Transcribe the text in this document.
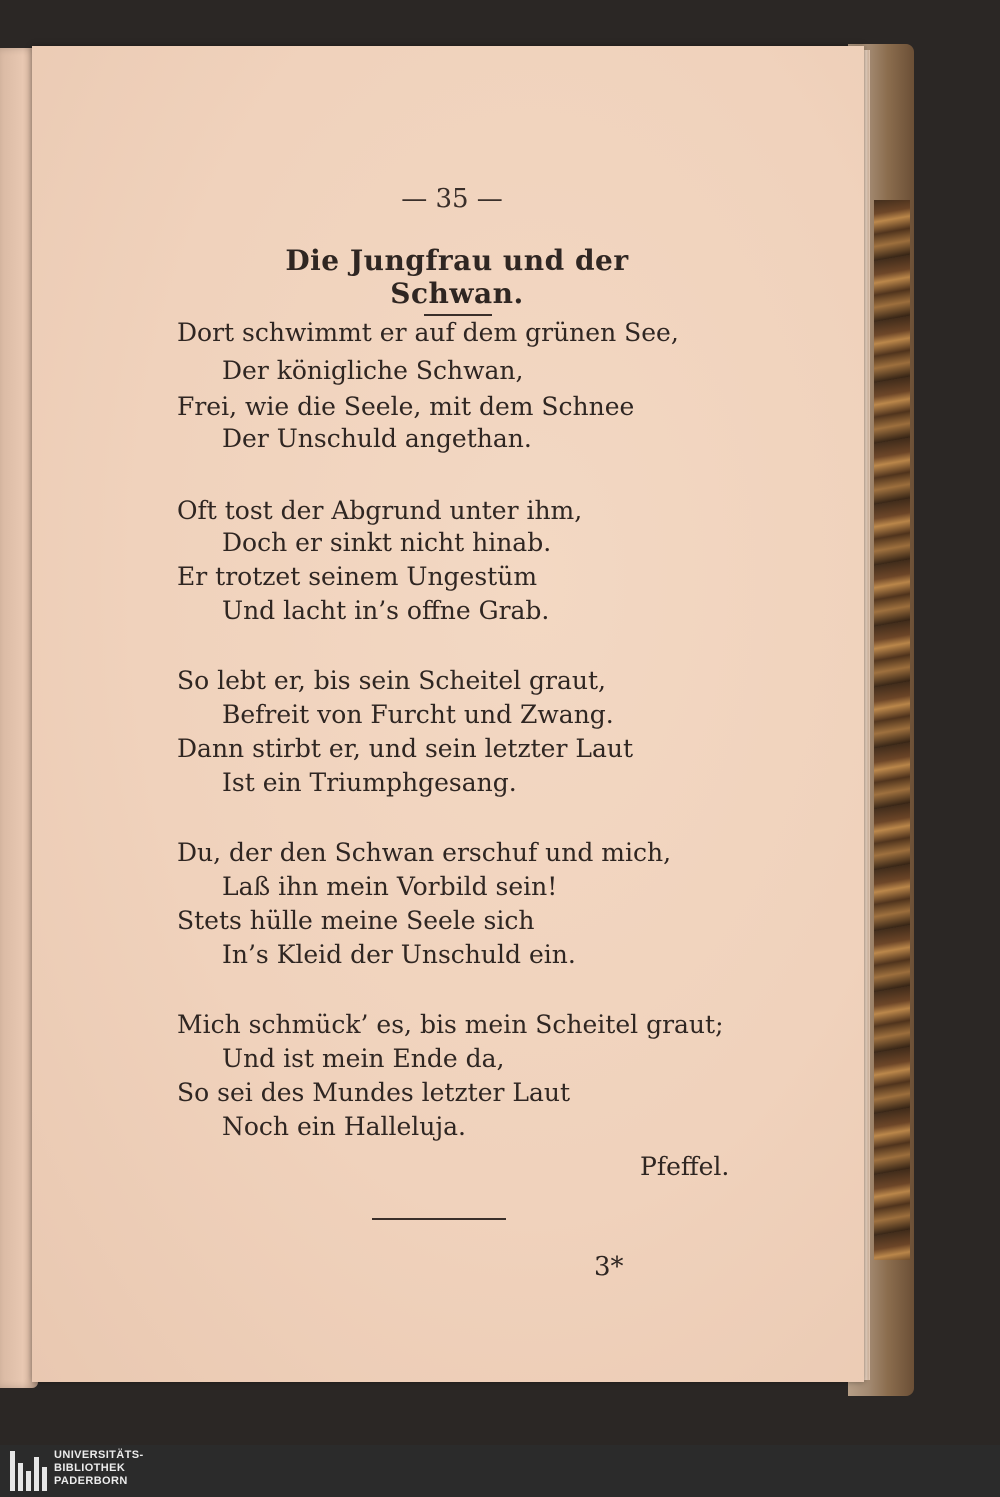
— 35 —
Die Jungfrau und der Schwan.
Dort schwimmt er auf dem grünen See,
Der königliche Schwan,
Frei, wie die Seele, mit dem Schnee
Der Unschuld angethan.
Oft tost der Abgrund unter ihm,
Doch er sinkt nicht hinab.
Er trotzet seinem Ungestüm
Und lacht in’s offne Grab.
So lebt er, bis sein Scheitel graut,
Befreit von Furcht und Zwang.
Dann stirbt er, und sein letzter Laut
Ist ein Triumphgesang.
Du, der den Schwan erschuf und mich,
Laß ihn mein Vorbild sein!
Stets hülle meine Seele sich
In’s Kleid der Unschuld ein.
Mich schmück’ es, bis mein Scheitel graut;
Und ist mein Ende da,
So sei des Mundes letzter Laut
Noch ein Halleluja.
Pfeffel.
3*
UNIVERSITÄTS-
BIBLIOTHEK
PADERBORN
